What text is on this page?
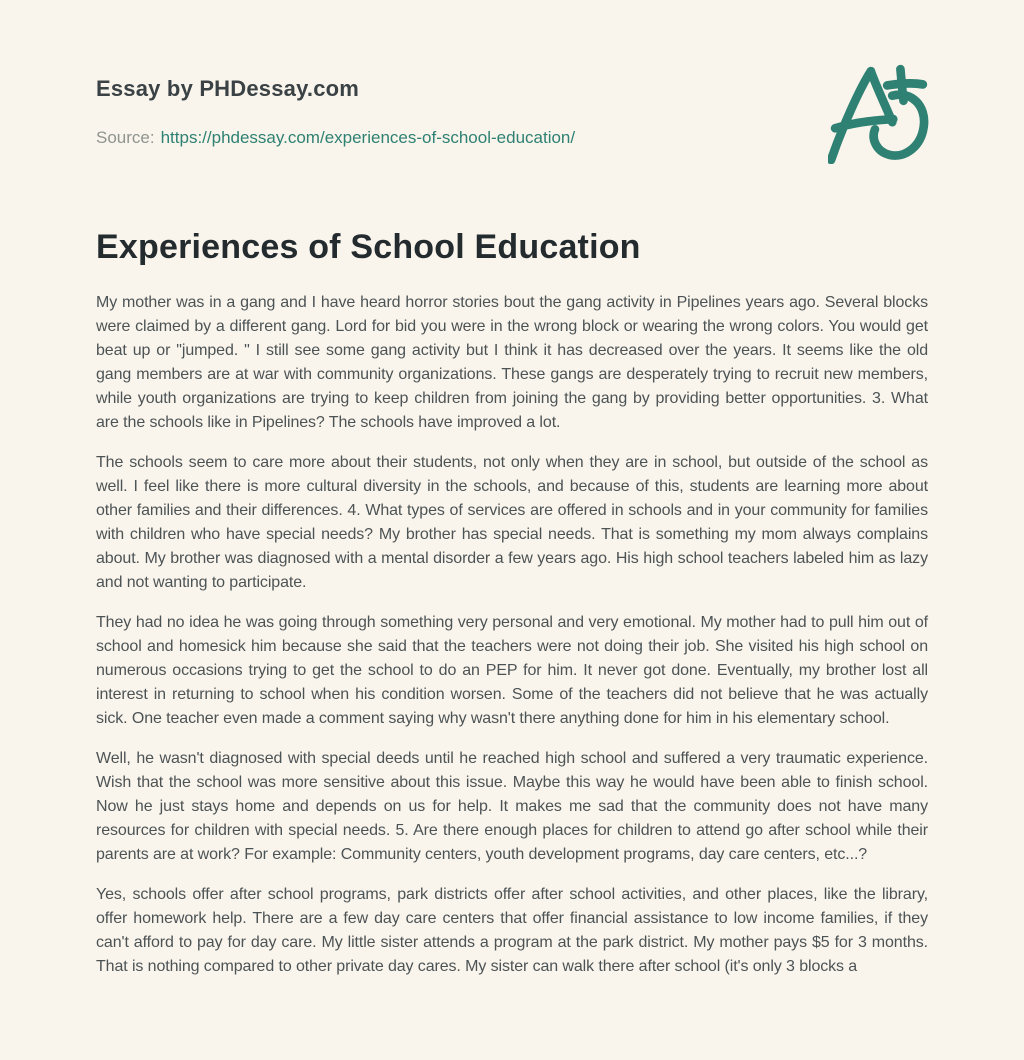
Essay by PHDessay.com
Source: https://phdessay.com/experiences-of-school-education/
Experiences of School Education

My mother was in a gang and I have heard horror stories bout the gang activity in Pipelines years ago. Several blocks were claimed by a different gang. Lord for bid you were in the wrong block or wearing the wrong colors. You would get beat up or "jumped. " I still see some gang activity but I think it has decreased over the years. It seems like the old gang members are at war with community organizations. These gangs are desperately trying to recruit new members, while youth organizations are trying to keep children from joining the gang by providing better opportunities. 3. What are the schools like in Pipelines? The schools have improved a lot.

The schools seem to care more about their students, not only when they are in school, but outside of the school as well. I feel like there is more cultural diversity in the schools, and because of this, students are learning more about other families and their differences. 4. What types of services are offered in schools and in your community for families with children who have special needs? My brother has special needs. That is something my mom always complains about. My brother was diagnosed with a mental disorder a few years ago. His high school teachers labeled him as lazy and not wanting to participate.

They had no idea he was going through something very personal and very emotional. My mother had to pull him out of school and homesick him because she said that the teachers were not doing their job. She visited his high school on numerous occasions trying to get the school to do an PEP for him. It never got done. Eventually, my brother lost all interest in returning to school when his condition worsen. Some of the teachers did not believe that he was actually sick. One teacher even made a comment saying why wasn't there anything done for him in his elementary school.

Well, he wasn't diagnosed with special deeds until he reached high school and suffered a very traumatic experience. Wish that the school was more sensitive about this issue. Maybe this way he would have been able to finish school. Now he just stays home and depends on us for help. It makes me sad that the community does not have many resources for children with special needs. 5. Are there enough places for children to attend go after school while their parents are at work? For example: Community centers, youth development programs, day care centers, etc...?

Yes, schools offer after school programs, park districts offer after school activities, and other places, like the library, offer homework help. There are a few day care centers that offer financial assistance to low income families, if they can't afford to pay for day care. My little sister attends a program at the park district. My mother pays $5 for 3 months. That is nothing compared to other private day cares. My sister can walk there after school (it's only 3 blocks a
